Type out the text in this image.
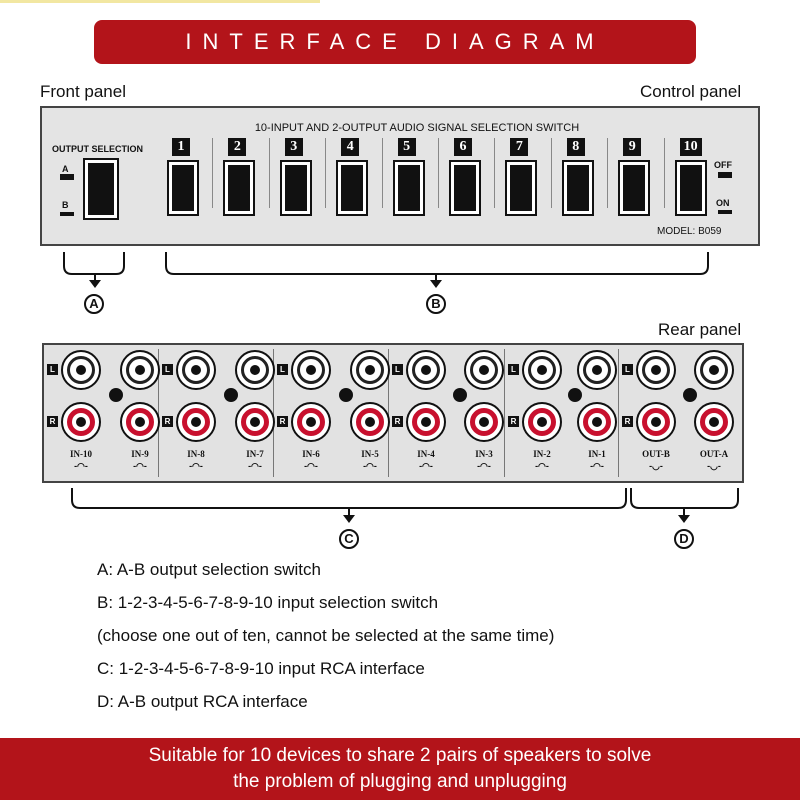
INTERFACE DIAGRAM
Front panel	Control panel
10-INPUT AND 2-OUTPUT AUDIO SIGNAL SELECTION SWITCH
OUTPUT SELECTION
A
B
OFF
ON
MODEL: B059
1	2	3	4	5	6	7	8	9	10
A	B
Rear panel
L
R
L
R
L
R
L
R
L
R
L
R
IN-10
-◠-
IN-9
-◠-
IN-8
-◠-
IN-7
-◠-
IN-6
-◠-
IN-5
-◠-
IN-4
-◠-
IN-3
-◠-
IN-2
-◠-
IN-1
-◠-
OUT-B
-◡-
OUT-A
-◡-
C	D
A: A-B output selection switch
B: 1-2-3-4-5-6-7-8-9-10 input selection switch
(choose one out of ten, cannot be selected at the same time)
C: 1-2-3-4-5-6-7-8-9-10 input RCA interface
D: A-B output RCA interface
Suitable for 10 devices to share 2 pairs of speakers to solve
the problem of plugging and unplugging
